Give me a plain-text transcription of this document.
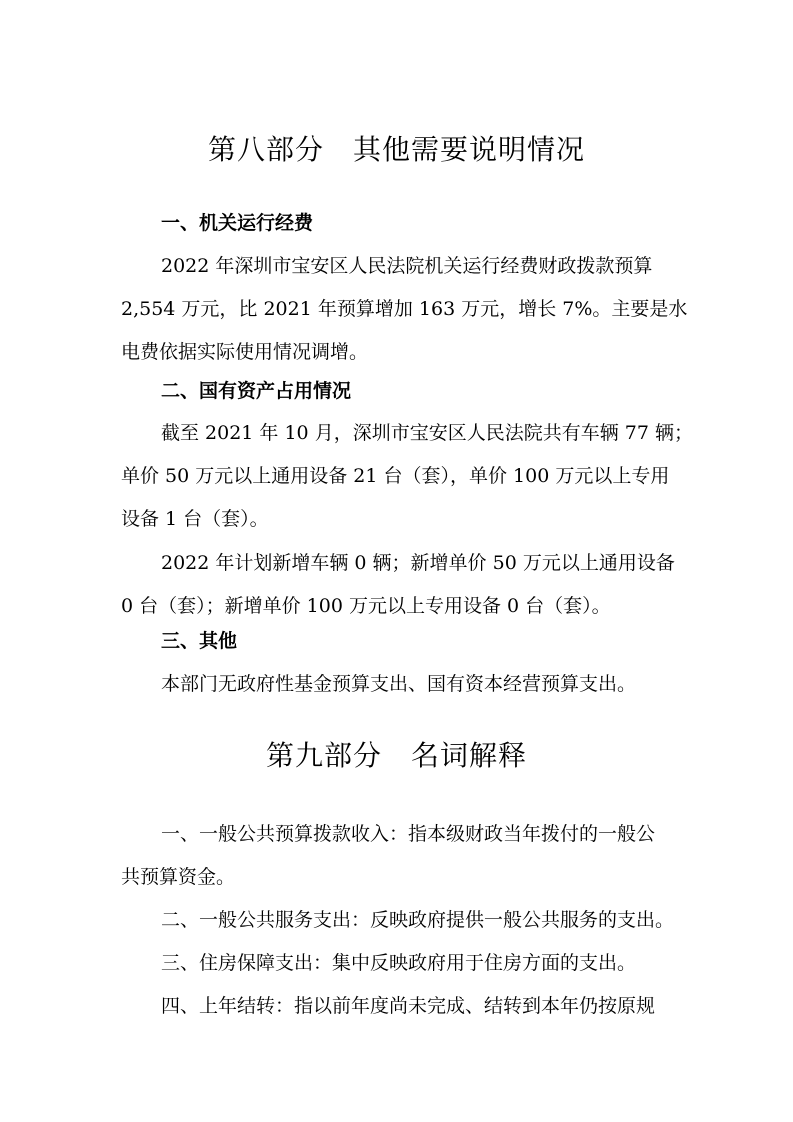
第八部分　其他需要说明情况
一、机关运行经费

2022 年深圳市宝安区人民法院机关运行经费财政拨款预算

2,554 万元，比 2021 年预算增加 163 万元，增长 7%。主要是水

电费依据实际使用情况调增。

二、国有资产占用情况

截至 2021 年 10 月，深圳市宝安区人民法院共有车辆 77 辆；

单价 50 万元以上通用设备 21 台（套），单价 100 万元以上专用

设备 1 台（套）。

2022 年计划新增车辆 0 辆；新增单价 50 万元以上通用设备

0 台（套）；新增单价 100 万元以上专用设备 0 台（套）。

三、其他

本部门无政府性基金预算支出、国有资本经营预算支出。

第九部分　名词解释

一、一般公共预算拨款收入：指本级财政当年拨付的一般公

共预算资金。

二、一般公共服务支出：反映政府提供一般公共服务的支出。

三、住房保障支出：集中反映政府用于住房方面的支出。

四、上年结转：指以前年度尚未完成、结转到本年仍按原规
